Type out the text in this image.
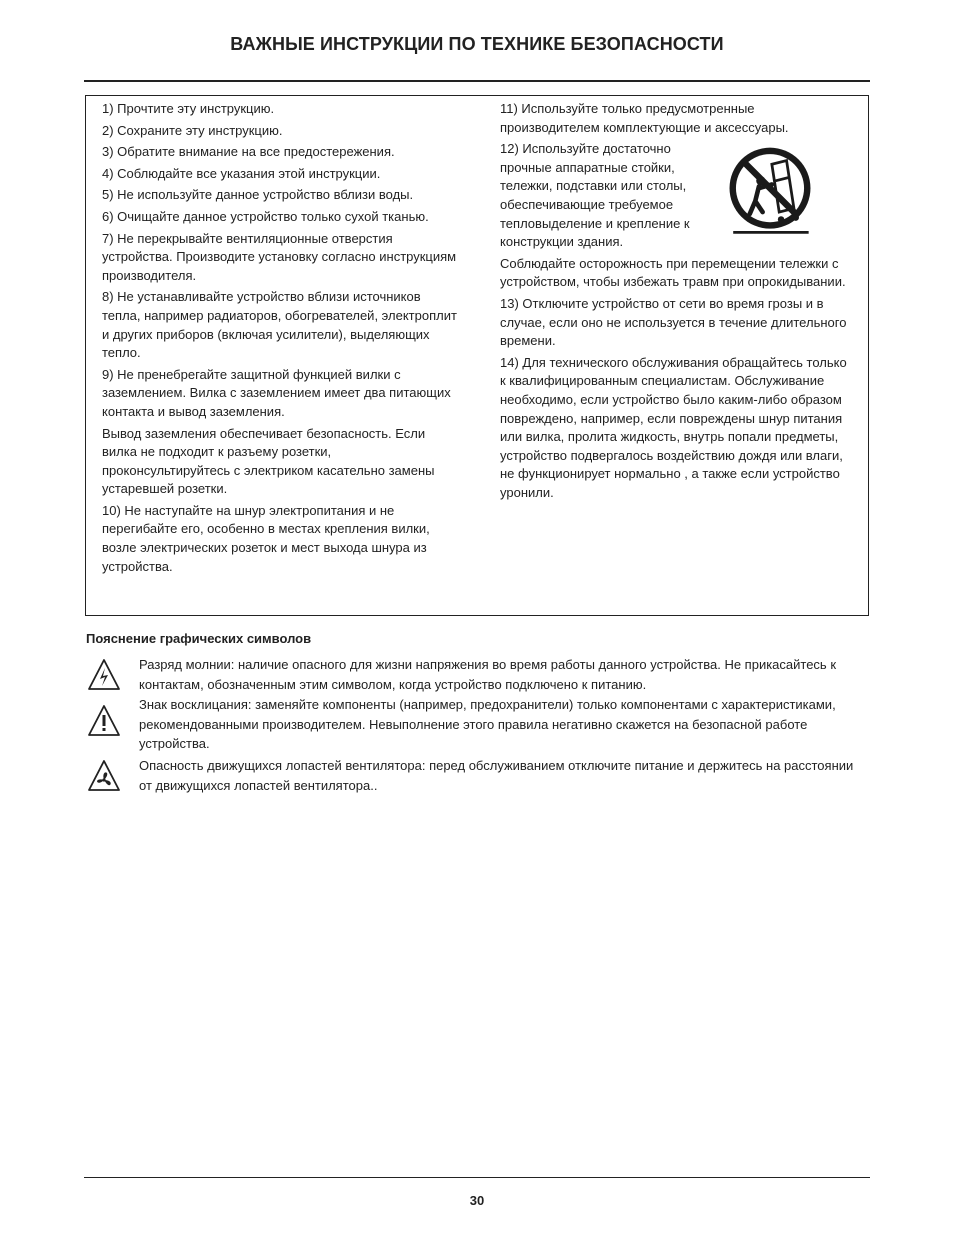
ВАЖНЫЕ ИНСТРУКЦИИ ПО ТЕХНИКЕ БЕЗОПАСНОСТИ

1) Прочтите эту инструкцию.

2) Сохраните эту инструкцию.

3) Обратите внимание на все предостережения.

4) Соблюдайте все указания этой инструкции.

5) Не используйте данное устройство вблизи воды.

6) Очищайте данное устройство только сухой тканью.

7) Не перекрывайте вентиляционные отверстия устройства. Производите установку согласно инструкциям производителя.

8) Не устанавливайте устройство вблизи источников тепла, например радиаторов, обогревателей, электроплит и других приборов (включая усилители), выделяющих тепло.

9) Не пренебрегайте защитной функцией вилки с заземлением. Вилка с заземлением имеет два питающих контакта и вывод заземления.

Вывод заземления обеспечивает безопасность. Если вилка не подходит к разъему розетки, проконсультируйтесь с электриком касательно замены устаревшей розетки.

10) Не наступайте на шнур электропитания и не перегибайте его, особенно в местах крепления вилки, возле электрических розеток и мест выхода шнура из устройства.

11) Используйте только предусмотренные производителем комплектующие и аксессуары.

12) Используйте достаточно прочные аппаратные стойки, тележки, подставки или столы, обеспечивающие требуемое тепловыделение и крепление к конструкции здания.

Соблюдайте осторожность при перемещении тележки с устройством, чтобы избежать травм при опрокидывании.

13) Отключите устройство от сети во время грозы и в случае, если оно не используется в течение длительного времени.

14) Для технического обслуживания обращайтесь только к квалифицированным специалистам. Обслуживание необходимо, если устройство было каким-либо образом повреждено, например, если повреждены шнур питания или вилка, пролита жидкость, внутрь попали предметы, устройство подвергалось воздействию дождя или влаги, не функционирует нормально , а также если устройство уронили.

Пояснение графических символов
Разряд молнии: наличие опасного для жизни напряжения во время работы данного устройства. Не прикасайтесь к контактам, обозначенным этим символом, когда устройство подключено к питанию.
Знак восклицания: заменяйте компоненты (например, предохранители) только компонентами с характеристиками, рекомендованными производителем. Невыполнение этого правила негативно скажется на безопасной работе устройства.
Опасность движущихся лопастей вентилятора: перед обслуживанием отключите питание и держитесь на расстоянии от движущихся лопастей вентилятора..
30
